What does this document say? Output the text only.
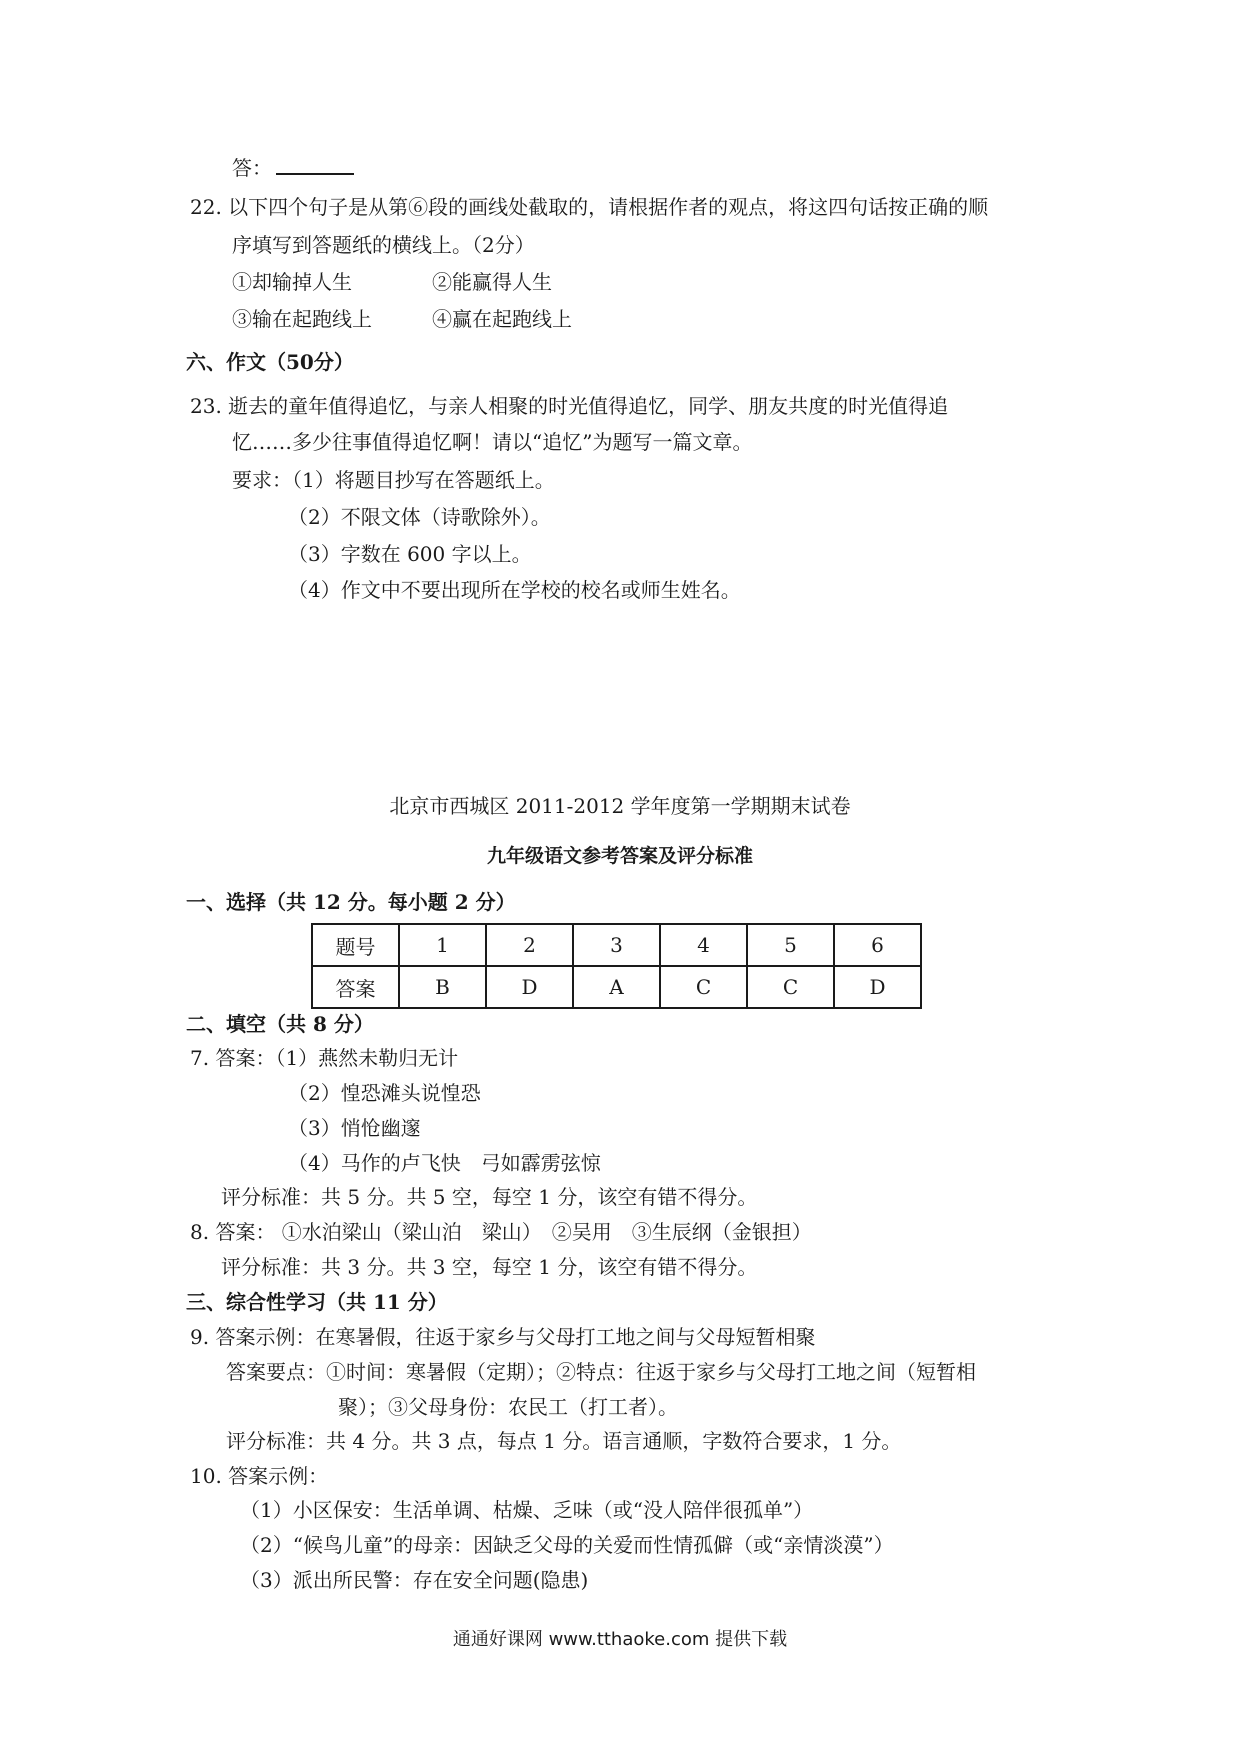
答：
22. 以下四个句子是从第⑥段的画线处截取的，请根据作者的观点，将这四句话按正确的顺
序填写到答题纸的横线上。（2分）
①却输掉人生	②能赢得人生
③输在起跑线上	④赢在起跑线上
六、作文（50分）
23. 逝去的童年值得追忆，与亲人相聚的时光值得追忆，同学、朋友共度的时光值得追
忆……多少往事值得追忆啊！请以“追忆”为题写一篇文章。
要求：（1）将题目抄写在答题纸上。
（2）不限文体（诗歌除外）。
（3）字数在 600 字以上。
（4）作文中不要出现所在学校的校名或师生姓名。
北京市西城区 2011-2012 学年度第一学期期末试卷
九年级语文参考答案及评分标准
一、选择（共 12 分。每小题 2 分）
题号	1	2	3	4	5	6
答案	B	D	A	C	C	D
二、填空（共 8 分）
7. 答案：（1）燕然未勒归无计
（2）惶恐滩头说惶恐
（3）悄怆幽邃
（4）马作的卢飞快　弓如霹雳弦惊
评分标准：共 5 分。共 5 空，每空 1 分，该空有错不得分。
8. 答案： ①水泊梁山（梁山泊　梁山）　②吴用　③生辰纲（金银担）
评分标准：共 3 分。共 3 空，每空 1 分，该空有错不得分。
三、综合性学习（共 11 分）
9. 答案示例：在寒暑假，往返于家乡与父母打工地之间与父母短暂相聚
答案要点：①时间：寒暑假（定期）；②特点：往返于家乡与父母打工地之间（短暂相
聚）；③父母身份：农民工（打工者）。
评分标准：共 4 分。共 3 点，每点 1 分。语言通顺，字数符合要求，1 分。
10. 答案示例：
（1）小区保安：生活单调、枯燥、乏味（或“没人陪伴很孤单”）
（2）“候鸟儿童”的母亲：因缺乏父母的关爱而性情孤僻（或“亲情淡漠”）
（3）派出所民警：存在安全问题(隐患)
通通好课网 www.tthaoke.com 提供下载
